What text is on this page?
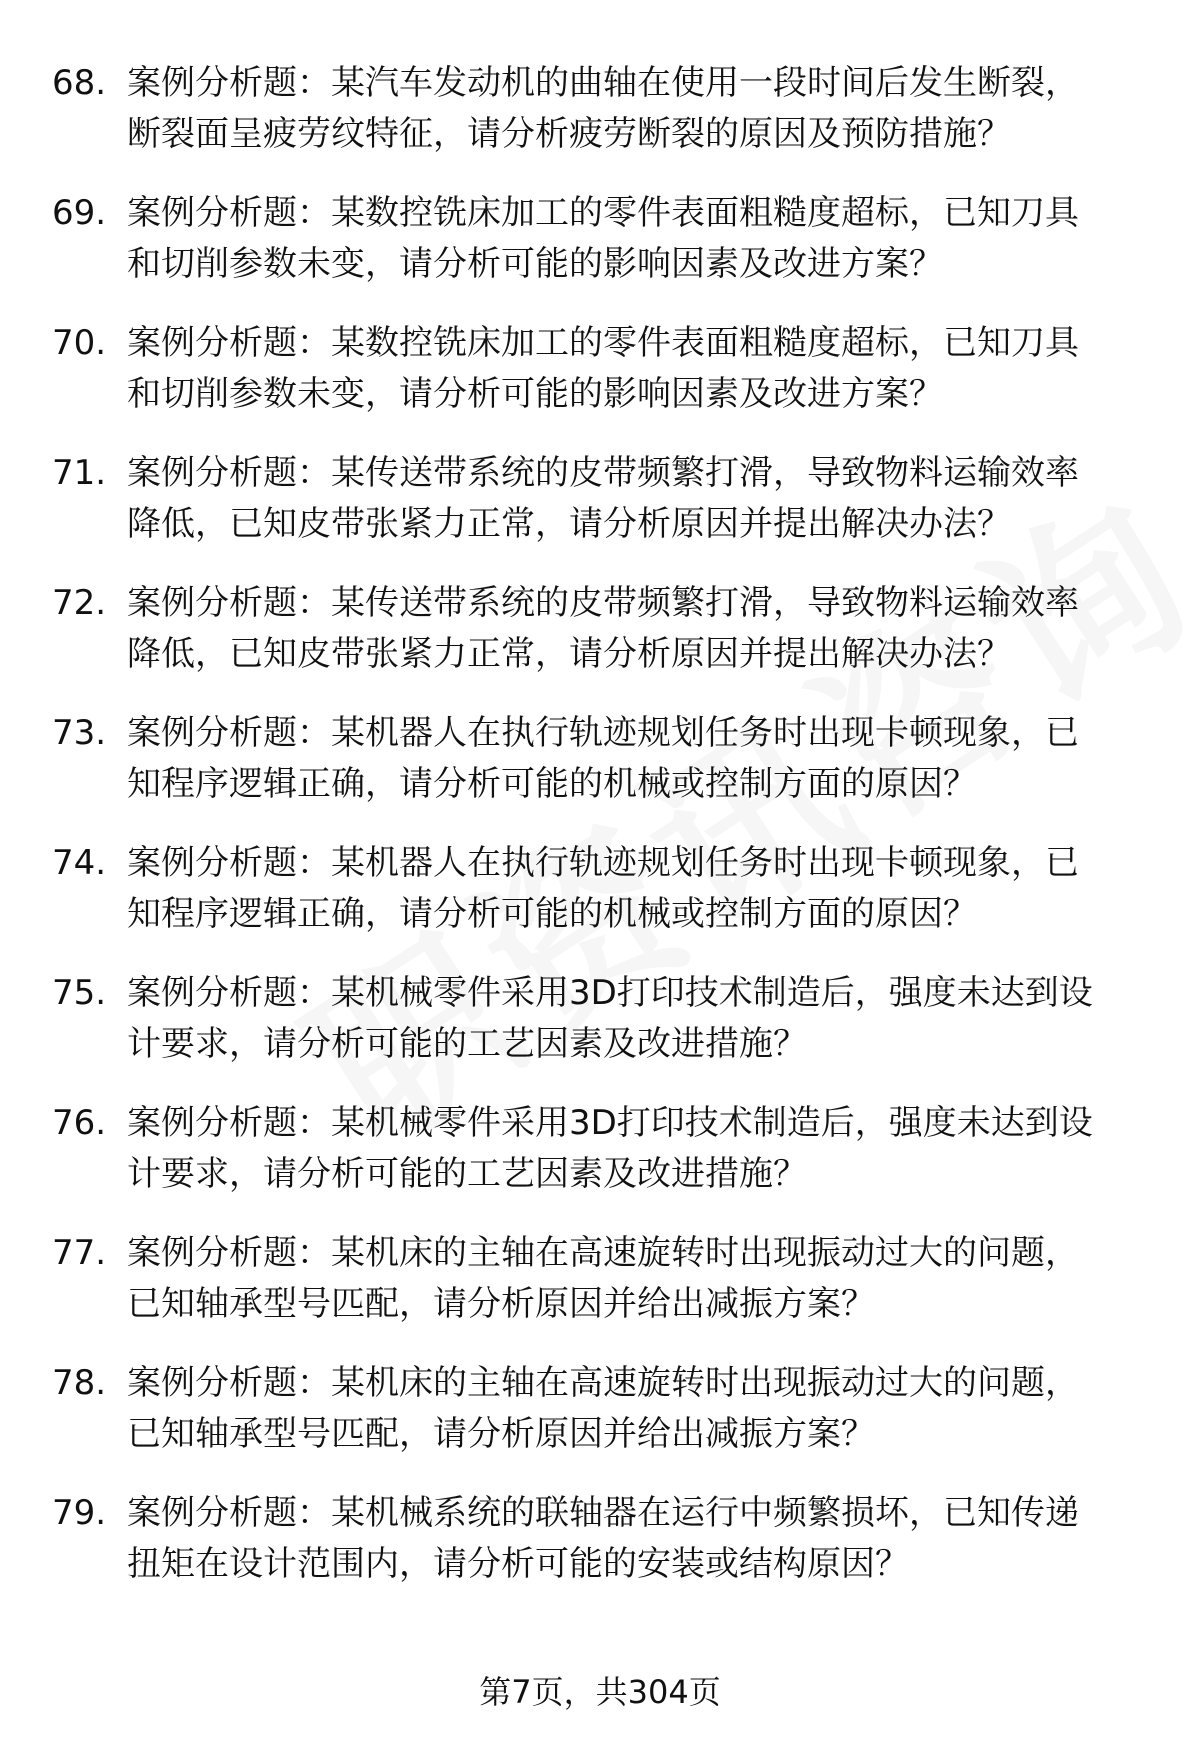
68. 案例分析题：某汽车发动机的曲轴在使用一段时间后发生断裂，
断裂面呈疲劳纹特征，请分析疲劳断裂的原因及预防措施？
69. 案例分析题：某数控铣床加工的零件表面粗糙度超标，已知刀具
和切削参数未变，请分析可能的影响因素及改进方案？
70. 案例分析题：某数控铣床加工的零件表面粗糙度超标，已知刀具
和切削参数未变，请分析可能的影响因素及改进方案？
71. 案例分析题：某传送带系统的皮带频繁打滑，导致物料运输效率
降低，已知皮带张紧力正常，请分析原因并提出解决办法？
72. 案例分析题：某传送带系统的皮带频繁打滑，导致物料运输效率
降低，已知皮带张紧力正常，请分析原因并提出解决办法？
73. 案例分析题：某机器人在执行轨迹规划任务时出现卡顿现象，已
知程序逻辑正确，请分析可能的机械或控制方面的原因？
74. 案例分析题：某机器人在执行轨迹规划任务时出现卡顿现象，已
知程序逻辑正确，请分析可能的机械或控制方面的原因？
75. 案例分析题：某机械零件采用3D打印技术制造后，强度未达到设
计要求，请分析可能的工艺因素及改进措施？
76. 案例分析题：某机械零件采用3D打印技术制造后，强度未达到设
计要求，请分析可能的工艺因素及改进措施？
77. 案例分析题：某机床的主轴在高速旋转时出现振动过大的问题，
已知轴承型号匹配，请分析原因并给出减振方案？
78. 案例分析题：某机床的主轴在高速旋转时出现振动过大的问题，
已知轴承型号匹配，请分析原因并给出减振方案？
79. 案例分析题：某机械系统的联轴器在运行中频繁损坏，已知传递
扭矩在设计范围内，请分析可能的安装或结构原因？
第7页，共304页
